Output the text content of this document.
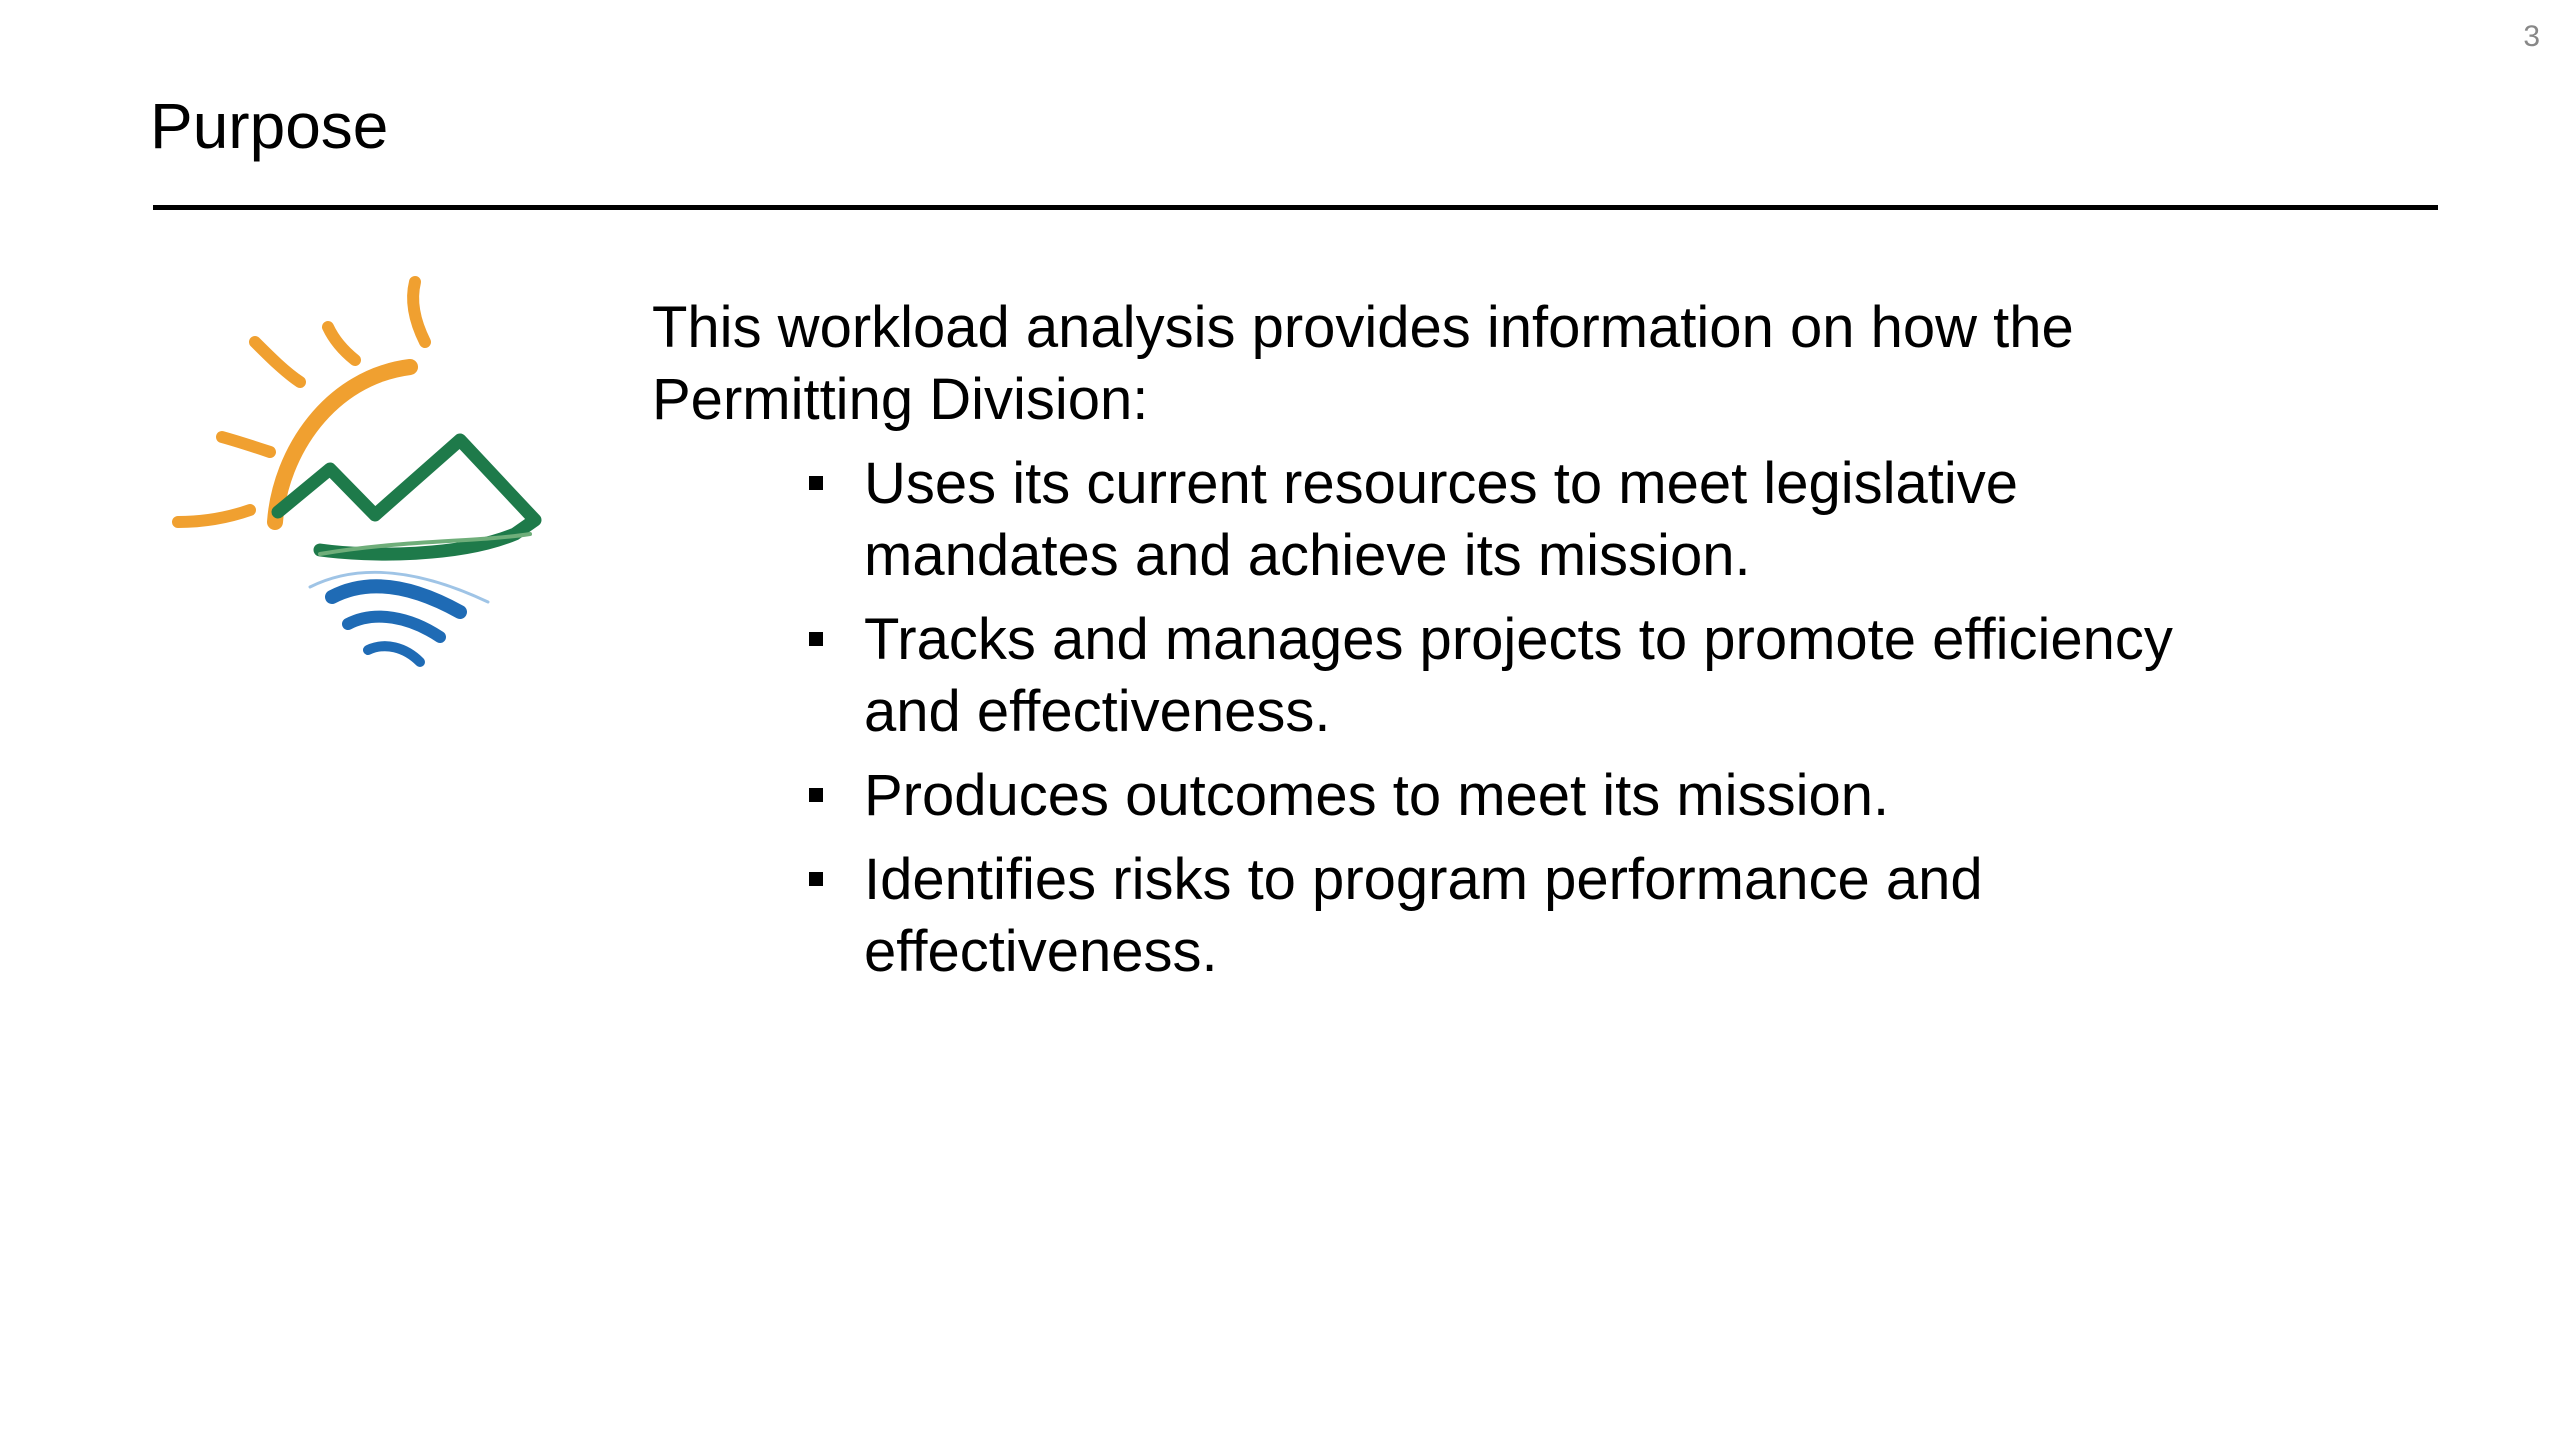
3
Purpose

This workload analysis provides information on how the Permitting Division:

Uses its current resources to meet legislative mandates and achieve its mission.
Tracks and manages projects to promote efficiency and effectiveness.
Produces outcomes to meet its mission.
Identifies risks to program performance and effectiveness.
